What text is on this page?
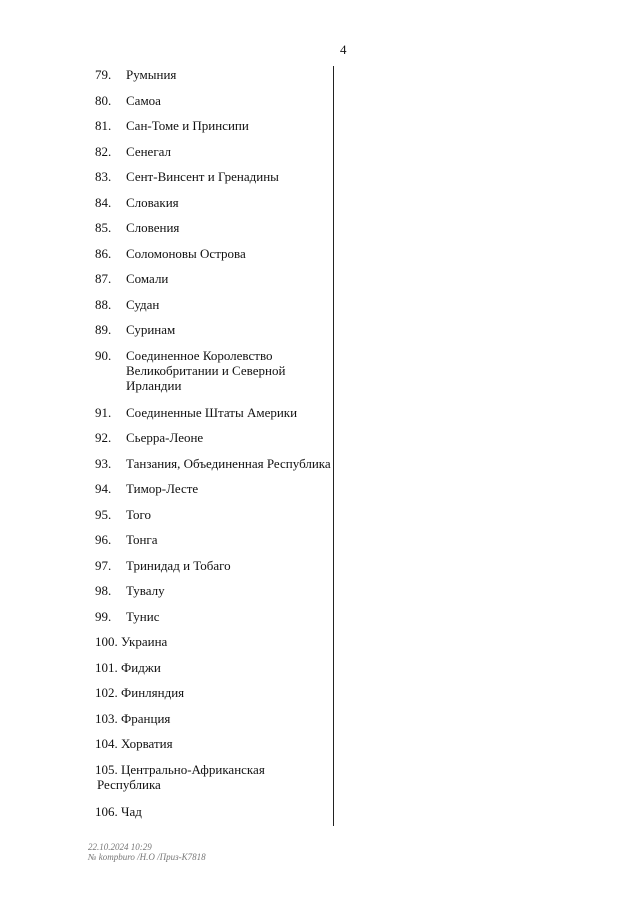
4
79.	Румыния
80.	Самоа
81.	Сан-Томе и Принсипи
82.	Сенегал
83.	Сент-Винсент и Гренадины
84.	Словакия
85.	Словения
86.	Соломоновы Острова
87.	Сомали
88.	Судан
89.	Суринам
90.	Соединенное Королевство Великобритании и Северной Ирландии
91.	Соединенные Штаты Америки
92.	Сьерра-Леоне
93.	Танзания, Объединенная Республика
94.	Тимор-Лесте
95.	Того
96.	Тонга
97.	Тринидад и Тобаго
98.	Тувалу
99.	Тунис
100. Украина
101. Фиджи
102. Финляндия
103. Франция
104. Хорватия
105. Центрально-Африканская
Республика
106. Чад
22.10.2024 10:29
№ kompburo /Н.О /Приз-К7818
